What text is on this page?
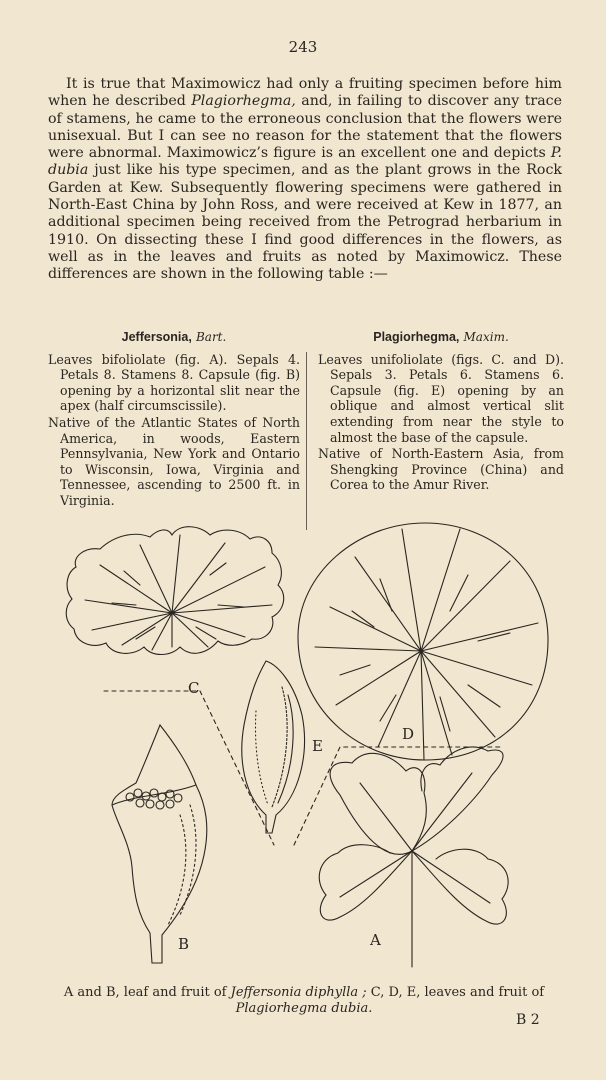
243

It is true that Maximowicz had only a fruiting specimen before him when he described Plagiorhegma, and, in failing to discover any trace of stamens, he came to the erroneous conclusion that the flowers were unisexual. But I can see no reason for the statement that the flowers were abnormal. Maximowicz’s figure is an excellent one and depicts P. dubia just like his type specimen, and as the plant grows in the Rock Garden at Kew. Subsequently flowering specimens were gathered in North-East China by John Ross, and were received at Kew in 1877, an additional specimen being received from the Petrograd herbarium in 1910. On dissecting these I find good differences in the flowers, as well as in the leaves and fruits as noted by Maximowicz. These differences are shown in the following table :—

Jeffersonia, Bart.

Leaves bifoliolate (fig. A). Sepals 4. Petals 8. Stamens 8. Capsule (fig. B) opening by a horizontal slit near the apex (half circumscissile).

Native of the Atlantic States of North America, in woods, Eastern Pennsylvania, New York and Ontario to Wisconsin, Iowa, Virginia and Tennessee, ascending to 2500 ft. in Virginia.

Plagiorhegma, Maxim.

Leaves unifoliolate (figs. C. and D). Sepals 3. Petals 6. Stamens 6. Capsule (fig. E) opening by an oblique and almost vertical slit extending from near the style to almost the base of the capsule.

Native of North-Eastern Asia, from Shengking Province (China) and Corea to the Amur River.

C
D
E
B	A
A and B, leaf and fruit of Jeffersonia diphylla ; C, D, E, leaves and fruit of Plagiorhegma dubia.
B 2
